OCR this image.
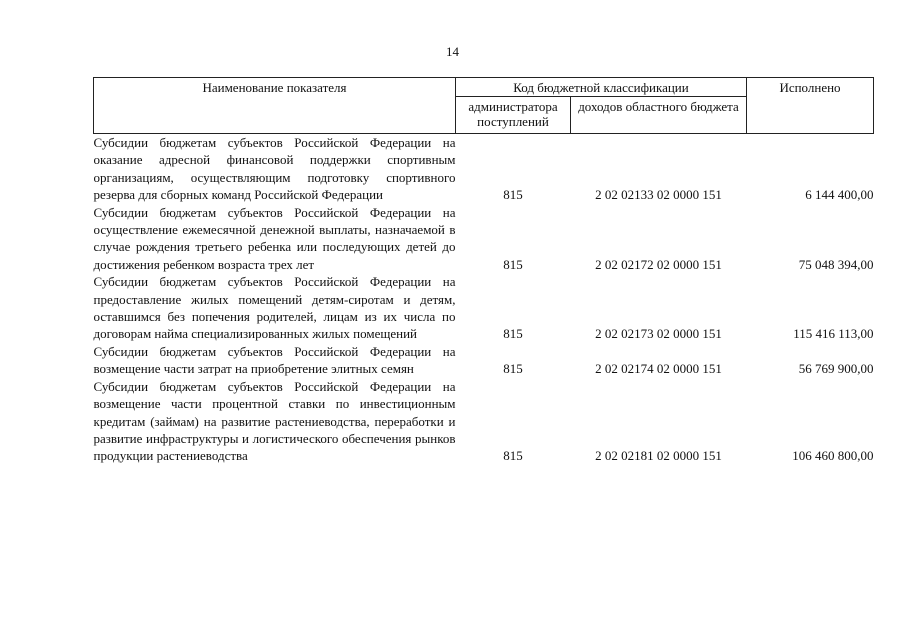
14
Наименование показателя	Код бюджетной классификации		Исполнено
	администратора поступлений	доходов областного бюджета	
Субсидии бюджетам субъектов Российской Федерации на оказание адресной финансовой поддержки спортивным организациям, осуществляющим подготовку спортивного резерва для сборных команд Российской Федерации	815	2 02 02133 02 0000 151	6 144 400,00
Субсидии бюджетам субъектов Российской Федерации на осуществление ежемесячной денежной выплаты, назначаемой в случае рождения третьего ребенка или последующих детей до достижения ребенком возраста трех лет	815	2 02 02172 02 0000 151	75 048 394,00
Субсидии бюджетам субъектов Российской Федерации на предоставление жилых помещений детям-сиротам и детям, оставшимся без попечения родителей, лицам из их числа по договорам найма специализированных жилых помещений	815	2 02 02173 02 0000 151	115 416 113,00
Субсидии бюджетам субъектов Российской Федерации на возмещение части затрат на приобретение элитных семян	815	2 02 02174 02 0000 151	56 769 900,00
Субсидии бюджетам субъектов Российской Федерации на возмещение части процентной ставки по инвестиционным кредитам (займам) на развитие растениеводства, переработки и развитие инфраструктуры и логистического обеспечения рынков продукции растениеводства	815	2 02 02181 02 0000 151	106 460 800,00
